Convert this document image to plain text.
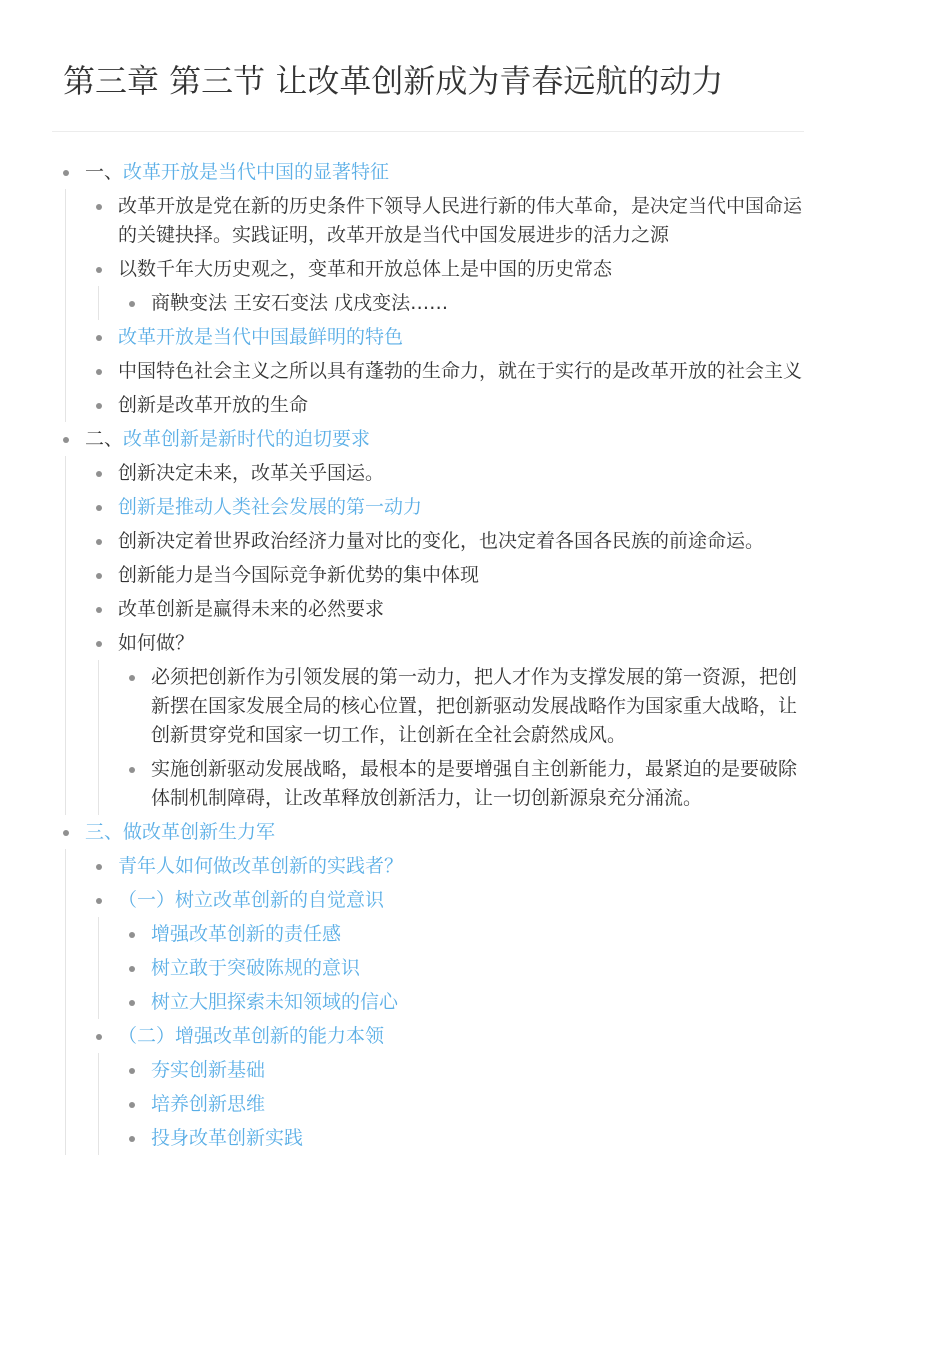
第三章 第三节 让改革创新成为青春远航的动力
一、改革开放是当代中国的显著特征
改革开放是党在新的历史条件下领导人民进行新的伟大革命，是决定当代中国命运的关键抉择。实践证明，改革开放是当代中国发展进步的活力之源
以数千年大历史观之，变革和开放总体上是中国的历史常态
商鞅变法 王安石变法 戊戌变法……
改革开放是当代中国最鲜明的特色
中国特色社会主义之所以具有蓬勃的生命力，就在于实行的是改革开放的社会主义
创新是改革开放的生命
二、改革创新是新时代的迫切要求
创新决定未来，改革关乎国运。
创新是推动人类社会发展的第一动力
创新决定着世界政治经济力量对比的变化，也决定着各国各民族的前途命运。
创新能力是当今国际竞争新优势的集中体现
改革创新是赢得未来的必然要求
如何做？
必须把创新作为引领发展的第一动力，把人才作为支撑发展的第一资源，把创新摆在国家发展全局的核心位置，把创新驱动发展战略作为国家重大战略，让创新贯穿党和国家一切工作，让创新在全社会蔚然成风。
实施创新驱动发展战略，最根本的是要增强自主创新能力，最紧迫的是要破除体制机制障碍，让改革释放创新活力，让一切创新源泉充分涌流。
三、做改革创新生力军
青年人如何做改革创新的实践者？
（一）树立改革创新的自觉意识
增强改革创新的责任感
树立敢于突破陈规的意识
树立大胆探索未知领域的信心
（二）增强改革创新的能力本领
夯实创新基础
培养创新思维
投身改革创新实践
